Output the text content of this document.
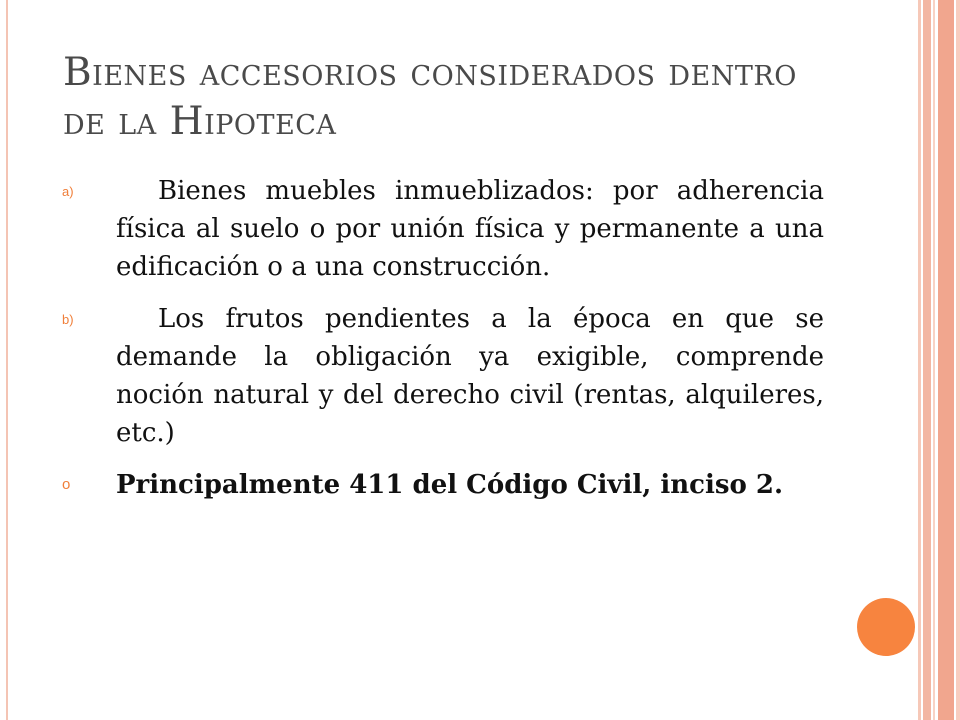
Bienes accesorios considerados dentro de la Hipoteca
a)	Bienes muebles inmueblizados: por adherencia física al suelo o por unión física y permanente a una edificación o a una construcción.
b)	Los frutos pendientes a la época en que se demande la obligación ya exigible, comprende noción natural y del derecho civil (rentas, alquileres, etc.)
o Principalmente 411 del Código Civil, inciso 2.
